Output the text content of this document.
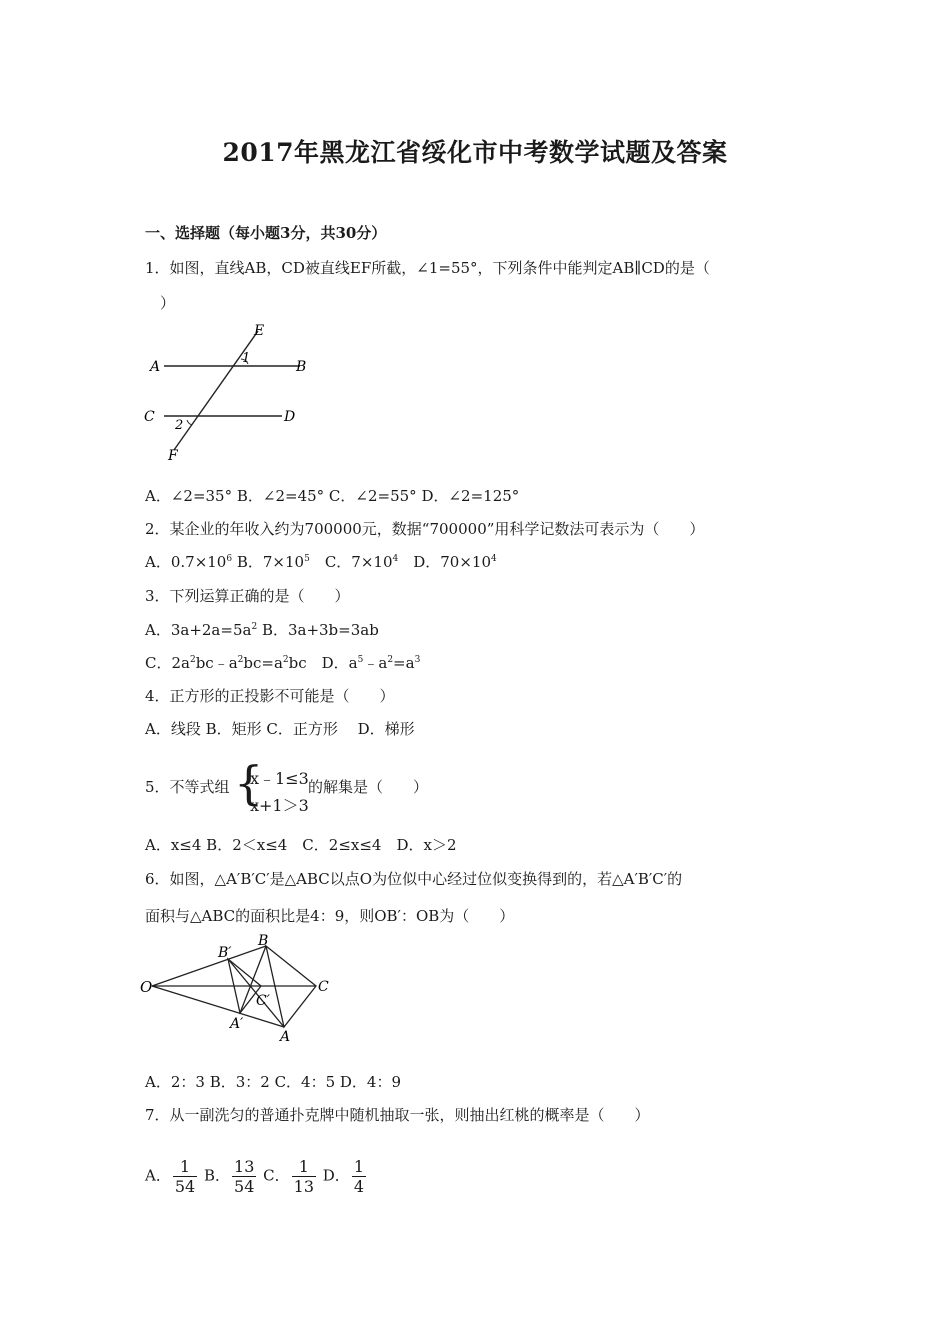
2017年黑龙江省绥化市中考数学试题及答案
一、选择题（每小题3分，共30分）
1．如图，直线AB，CD被直线EF所截，∠1=55°，下列条件中能判定AB∥CD的是（
）
E
A	B
1
C	D
2
F
A．∠2=35° B．∠2=45° C．∠2=55° D．∠2=125°
2．某企业的年收入约为700000元，数据“700000”用科学记数法可表示为（　　）
A．$0.7\times 10^6$ B．$7\times 10^5$　C．$7\times 10^4$　D．$70\times 10^4$
3．下列运算正确的是（　　）
A．$3a+2a=5a^2$ B．3a+3b=3ab
C．$2a^2bc﹣a^2bc=a^2bc$　D．$a^5﹣a^2=a^3$
4．正方形的正投影不可能是（　　）
A．线段 B．矩形 C．正方形　 D．梯形
5．不等式组 {
x﹣1≤3
x+1＞3
的解集是（　　）
A．x≤4 B．2＜x≤4　C．2≤x≤4　D．x＞2
6．如图，△A′B′C′是△ABC以点O为位似中心经过位似变换得到的，若△A′B′C′的
面积与△ABC的面积比是4：9，则OB′：OB为（　　）
O
B′
B
C′
C
A′
A
A．2：3 B．3：2 C．4：5 D．4：9
7．从一副洗匀的普通扑克牌中随机抽取一张，则抽出红桃的概率是（　　）
A． $\frac{1}{54}$ B． $\frac{13}{54}$ C． $\frac{1}{13}$ D． $\frac{1}{4}$
